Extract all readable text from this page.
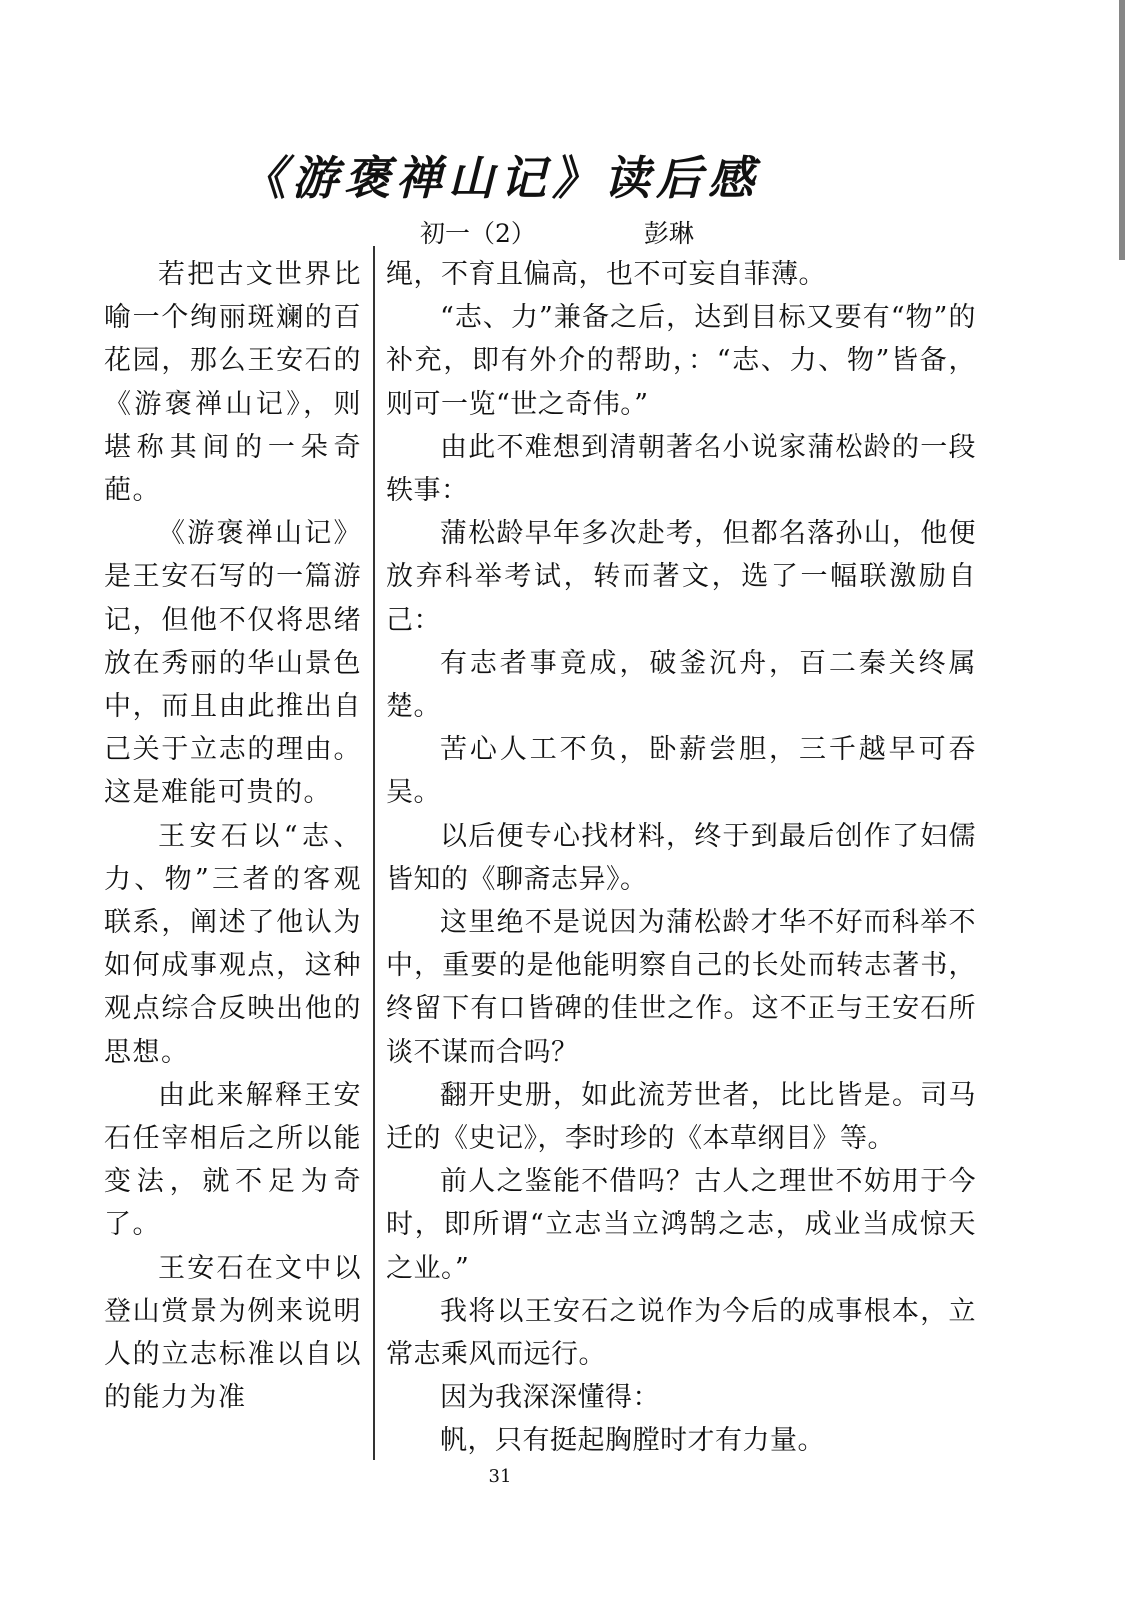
《游褒禅山记》读后感
初一（2）	彭琳

若把古文世界比喻一个绚丽斑斓的百花园，那么王安石的《游褒禅山记》，则堪称其间的一朵奇葩。

《游褒禅山记》是王安石写的一篇游记，但他不仅将思绪放在秀丽的华山景色中，而且由此推出自己关于立志的理由。这是难能可贵的。

王安石以“志、力、物”三者的客观联系，阐述了他认为如何成事观点，这种观点综合反映出他的思想。

由此来解释王安石任宰相后之所以能变法，就不足为奇了。

王安石在文中以登山赏景为例来说明人的立志标准以自以的能力为准

绳，不育且偏高，也不可妄自菲薄。

“志、力”兼备之后，达到目标又要有“物”的补充，即有外介的帮助，：“志、力、物”皆备，则可一览“世之奇伟。”

由此不难想到清朝著名小说家蒲松龄的一段轶事：

蒲松龄早年多次赴考，但都名落孙山，他便放弃科举考试，转而著文，选了一幅联激励自己：

有志者事竟成，破釜沉舟，百二秦关终属楚。

苦心人工不负，卧薪尝胆，三千越早可吞吴。

以后便专心找材料，终于到最后创作了妇儒皆知的《聊斋志异》。

这里绝不是说因为蒲松龄才华不好而科举不中，重要的是他能明察自己的长处而转志著书，终留下有口皆碑的佳世之作。这不正与王安石所谈不谋而合吗？

翻开史册，如此流芳世者，比比皆是。司马迁的《史记》，李时珍的《本草纲目》等。

前人之鉴能不借吗？古人之理世不妨用于今时，即所谓“立志当立鸿鹄之志，成业当成惊天之业。”

我将以王安石之说作为今后的成事根本，立常志乘风而远行。

因为我深深懂得：

帆，只有挺起胸膛时才有力量。

31
